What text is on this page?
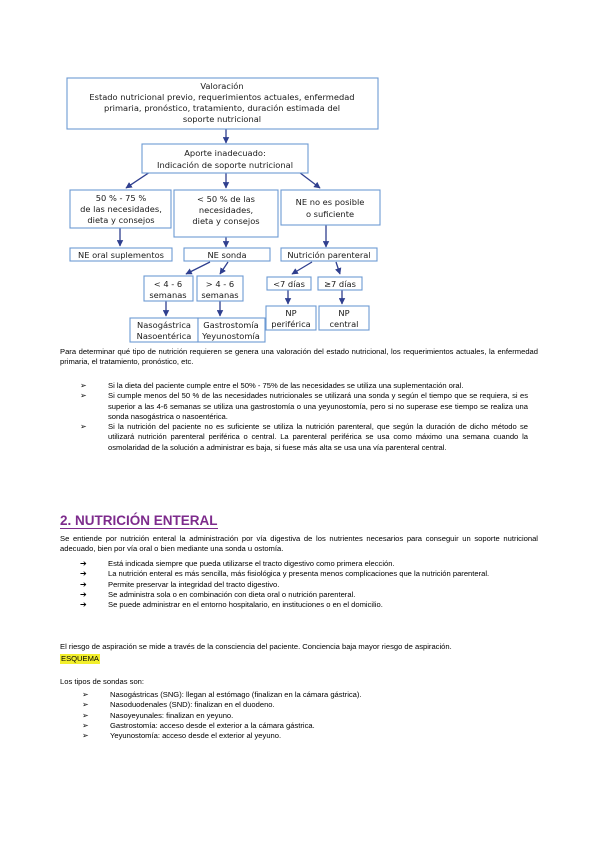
Valoración
Estado nutricional previo, requerimientos actuales, enfermedad
primaria, pronóstico, tratamiento, duración estimada del
soporte nutricional
Aporte inadecuado:
Indicación de soporte nutricional
50 % - 75 %
de las necesidades,
dieta y consejos
< 50 % de las
necesidades,
dieta y consejos
NE no es posible
o suficiente
NE oral suplementos	NE sonda	Nutrición parenteral
< 4 - 6
semanas
> 4 - 6
semanas
<7 días ≥7 días
Nasogástrica
Nasoentérica
Gastrostomía
Yeyunostomía
NP
periférica
NP
central

Para determinar qué tipo de nutrición requieren se genera una valoración del estado nutricional, los requerimientos actuales, la enfermedad primaria, el tratamiento, pronóstico, etc.

➢	Si la dieta del paciente cumple entre el 50% - 75% de las necesidades se utiliza una suplementación oral.
➢	Si cumple menos del 50 % de las necesidades nutricionales se utilizará una sonda y según el tiempo que se requiera, si es superior a las 4-6 semanas se utiliza una gastrostomía o una yeyunostomía, pero si no superase ese tiempo se realiza una sonda nasogástrica o nasoentérica.
➢	Si la nutrición del paciente no es suficiente se utiliza la nutrición parenteral, que según la duración de dicho método se utilizará nutrición parenteral periférica o central. La parenteral periférica se usa como máximo una semana cuando la osmolaridad de la solución a administrar es baja, si fuese más alta se usa una vía parenteral central.
2. NUTRICIÓN ENTERAL

Se entiende por nutrición enteral la administración por vía digestiva de los nutrientes necesarios para conseguir un soporte nutricional adecuado, bien por vía oral o bien mediante una sonda u ostomía.

➔	Está indicada siempre que pueda utilizarse el tracto digestivo como primera elección.
➔	La nutrición enteral es más sencilla, más fisiológica y presenta menos complicaciones que la nutrición parenteral.
➔	Permite preservar la integridad del tracto digestivo.
➔	Se administra sola o en combinación con dieta oral o nutrición parenteral.
➔	Se puede administrar en el entorno hospitalario, en instituciones o en el domicilio.

El riesgo de aspiración se mide a través de la consciencia del paciente. Conciencia baja mayor riesgo de aspiración.

ESQUEMA

Los tipos de sondas son:

➢	Nasogástricas (SNG): llegan al estómago (finalizan en la cámara gástrica).
➢	Nasoduodenales (SND): finalizan en el duodeno.
➢	Nasoyeyunales: finalizan en yeyuno.
➢	Gastrostomía: acceso desde el exterior a la cámara gástrica.
➢	Yeyunostomía: acceso desde el exterior al yeyuno.
